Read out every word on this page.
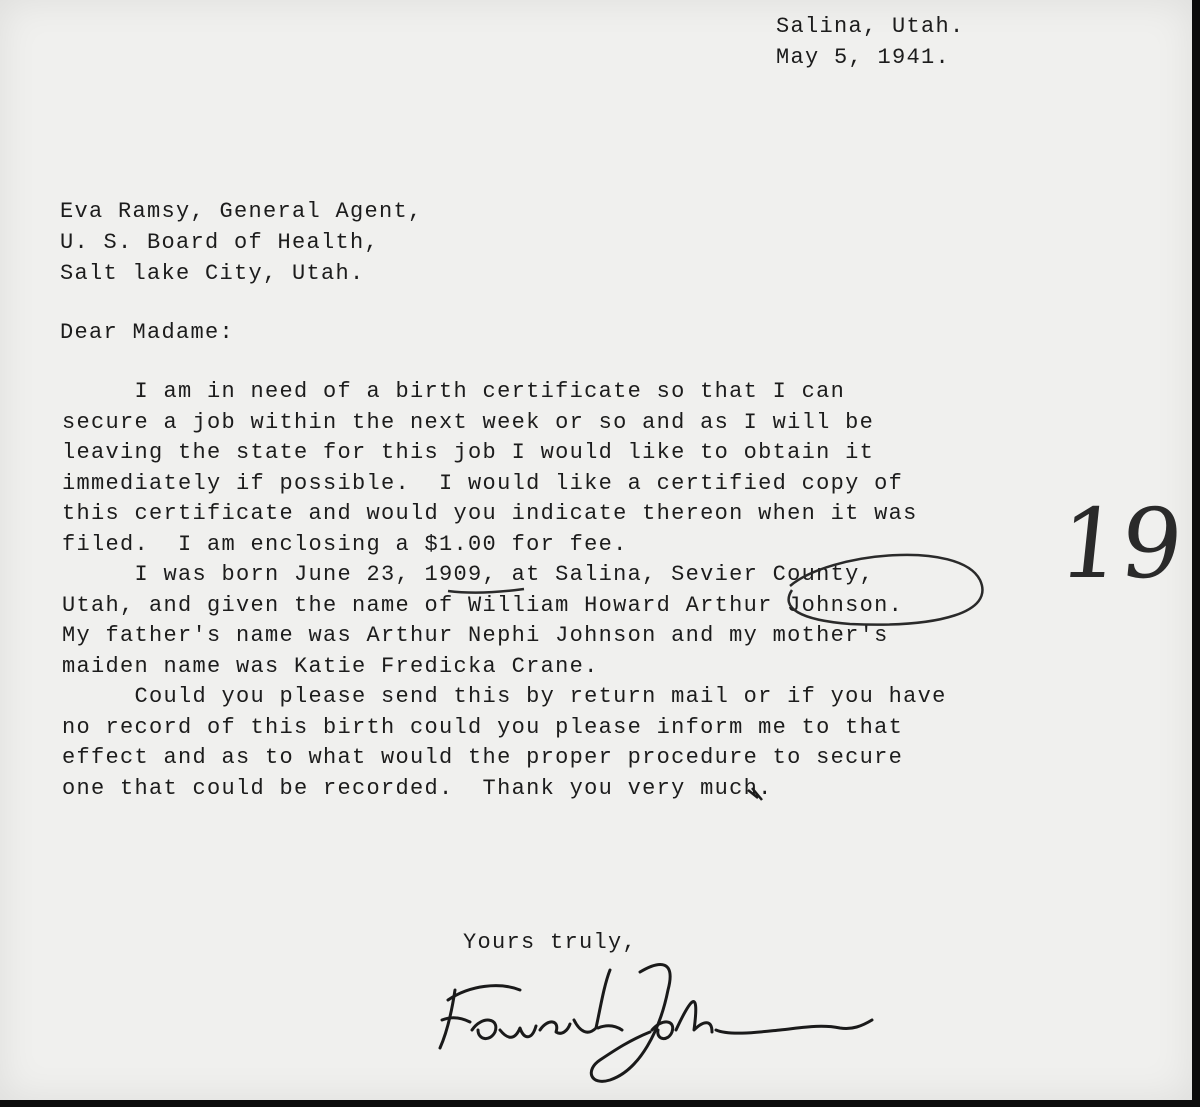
Salina, Utah.
May 5, 1941.
Eva Ramsy, General Agent,
U. S. Board of Health,
Salt lake City, Utah.
Dear Madame:
I am in need of a birth certificate so that I can
secure a job within the next week or so and as I will be
leaving the state for this job I would like to obtain it
immediately if possible.  I would like a certified copy of
this certificate and would you indicate thereon when it was
filed.  I am enclosing a $1.00 for fee.
I was born June 23, 1909, at Salina, Sevier County,
Utah, and given the name of William Howard Arthur Johnson.
My father's name was Arthur Nephi Johnson and my mother's
maiden name was Katie Fredicka Crane.
Could you please send this by return mail or if you have
no record of this birth could you please inform me to that
effect and as to what would the proper procedure to secure
one that could be recorded.  Thank you very much.
Yours truly,
19
